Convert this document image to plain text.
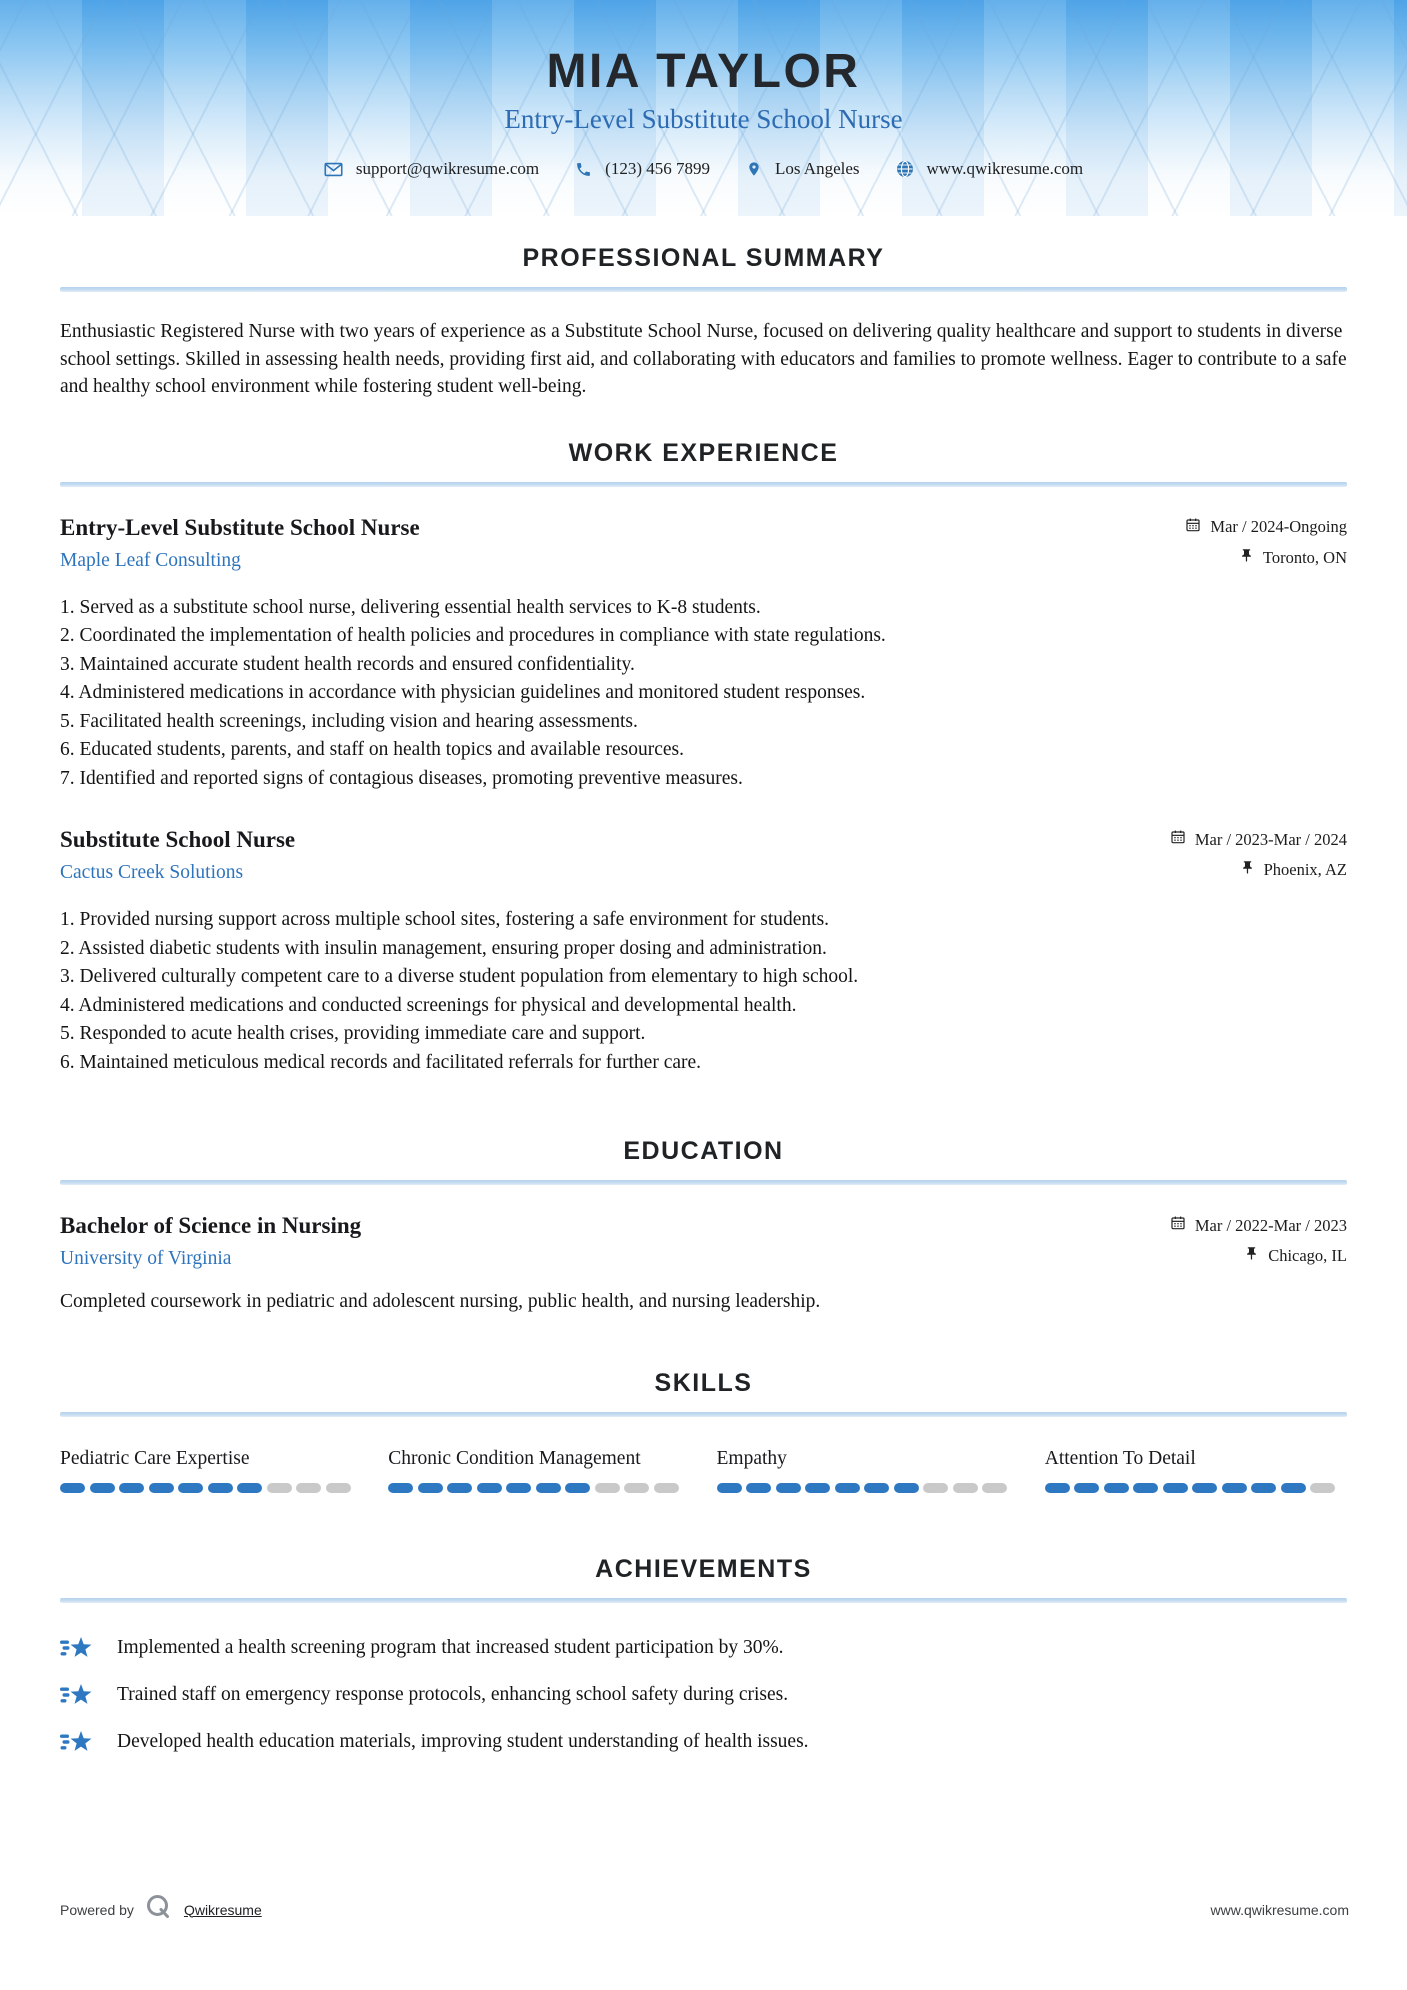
MIA TAYLOR
Entry-Level Substitute School Nurse
support@qwikresume.com	(123) 456 7899	Los Angeles	www.qwikresume.com
PROFESSIONAL SUMMARY

Enthusiastic Registered Nurse with two years of experience as a Substitute School Nurse, focused on delivering quality healthcare and support to students in diverse school settings. Skilled in assessing health needs, providing first aid, and collaborating with educators and families to promote wellness. Eager to contribute to a safe and healthy school environment while fostering student well-being.

WORK EXPERIENCE
Entry-Level Substitute School Nurse
Maple Leaf Consulting
Mar / 2024-Ongoing
Toronto, ON

1. Served as a substitute school nurse, delivering essential health services to K-8 students.

2. Coordinated the implementation of health policies and procedures in compliance with state regulations.

3. Maintained accurate student health records and ensured confidentiality.

4. Administered medications in accordance with physician guidelines and monitored student responses.

5. Facilitated health screenings, including vision and hearing assessments.

6. Educated students, parents, and staff on health topics and available resources.

7. Identified and reported signs of contagious diseases, promoting preventive measures.

Substitute School Nurse
Cactus Creek Solutions
Mar / 2023-Mar / 2024
Phoenix, AZ

1. Provided nursing support across multiple school sites, fostering a safe environment for students.

2. Assisted diabetic students with insulin management, ensuring proper dosing and administration.

3. Delivered culturally competent care to a diverse student population from elementary to high school.

4. Administered medications and conducted screenings for physical and developmental health.

5. Responded to acute health crises, providing immediate care and support.

6. Maintained meticulous medical records and facilitated referrals for further care.

EDUCATION
Bachelor of Science in Nursing
University of Virginia
Mar / 2022-Mar / 2023
Chicago, IL

Completed coursework in pediatric and adolescent nursing, public health, and nursing leadership.

SKILLS
Pediatric Care Expertise	Chronic Condition Management	Empathy	Attention To Detail
ACHIEVEMENTS
Implemented a health screening program that increased student participation by 30%.
Trained staff on emergency response protocols, enhancing school safety during crises.
Developed health education materials, improving student understanding of health issues.
Powered by	Qwikresume	www.qwikresume.com
